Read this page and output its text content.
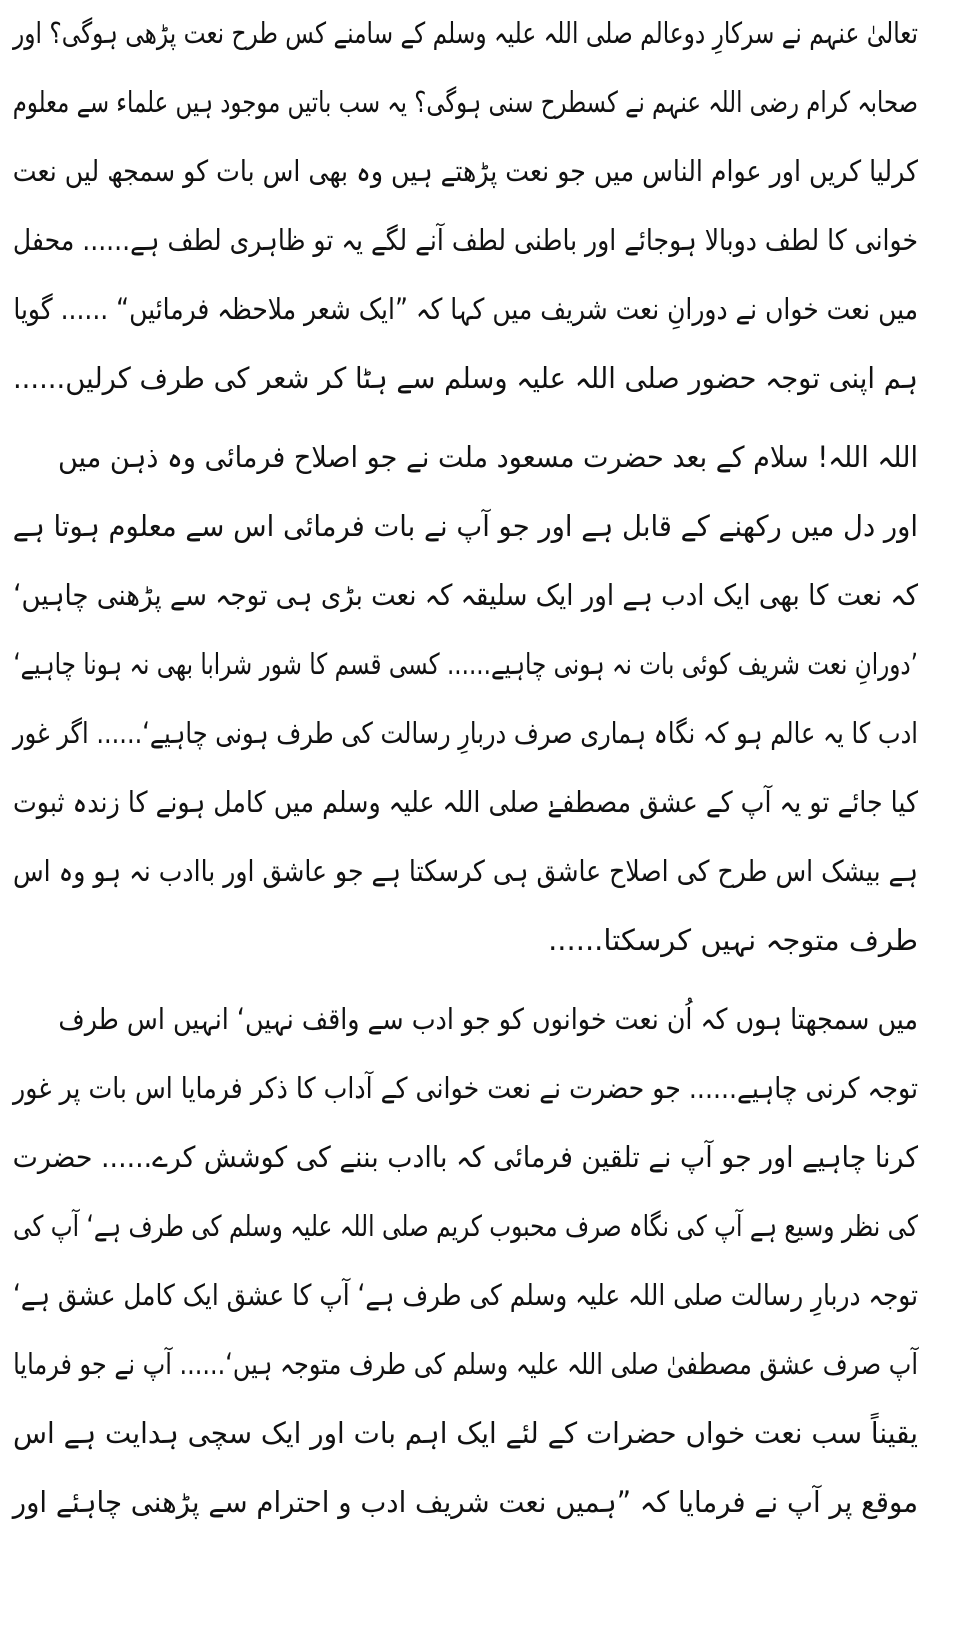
تعالیٰ عنہم نے سرکارِ دوعالم صلی اللہ علیہ وسلم کے سامنے کس طرح نعت پڑھی ہوگی؟ اور
صحابہ کرام رضی اللہ عنہم نے کسطرح سنی ہوگی؟ یہ سب باتیں موجود ہیں علماء سے معلوم
کرلیا کریں اور عوام الناس میں جو نعت پڑھتے ہیں وہ بھی اس بات کو سمجھ لیں نعت
خوانی کا لطف دوبالا ہوجائے اور باطنی لطف آنے لگے یہ تو ظاہری لطف ہے...... محفل
میں نعت خواں نے دورانِ نعت شریف میں کہا کہ ”ایک شعر ملاحظہ فرمائیں“ ...... گویا
ہم اپنی توجہ حضور صلی اللہ علیہ وسلم سے ہٹا کر شعر کی طرف کرلیں......
اللہ اللہ! سلام کے بعد حضرت مسعود ملت نے جو اصلاح فرمائی وہ ذہن میں
اور دل میں رکھنے کے قابل ہے اور جو آپ نے بات فرمائی اس سے معلوم ہوتا ہے
کہ نعت کا بھی ایک ادب ہے اور ایک سلیقہ کہ نعت بڑی ہی توجہ سے پڑھنی چاہیں‘
’دورانِ نعت شریف کوئی بات نہ ہونی چاہیے...... کسی قسم کا شور شرابا بھی نہ ہونا چاہیے‘
ادب کا یہ عالم ہو کہ نگاہ ہماری صرف دربارِ رسالت کی طرف ہونی چاہیے‘...... اگر غور
کیا جائے تو یہ آپ کے عشق مصطفےٰ صلی اللہ علیہ وسلم میں کامل ہونے کا زندہ ثبوت
ہے بیشک اس طرح کی اصلاح عاشق ہی کرسکتا ہے جو عاشق اور باادب نہ ہو وہ اس
طرف متوجہ نہیں کرسکتا......
میں سمجھتا ہوں کہ اُن نعت خوانوں کو جو ادب سے واقف نہیں‘ انہیں اس طرف
توجہ کرنی چاہیے...... جو حضرت نے نعت خوانی کے آداب کا ذکر فرمایا اس بات پر غور
کرنا چاہیے اور جو آپ نے تلقین فرمائی کہ باادب بننے کی کوشش کرے...... حضرت
کی نظر وسیع ہے آپ کی نگاہ صرف محبوب کریم صلی اللہ علیہ وسلم کی طرف ہے‘ آپ کی
توجہ دربارِ رسالت صلی اللہ علیہ وسلم کی طرف ہے‘ آپ کا عشق ایک کامل عشق ہے‘
آپ صرف عشق مصطفیٰ صلی اللہ علیہ وسلم کی طرف متوجہ ہیں‘...... آپ نے جو فرمایا
یقیناً سب نعت خواں حضرات کے لئے ایک اہم بات اور ایک سچی ہدایت ہے اس
موقع پر آپ نے فرمایا کہ ”ہمیں نعت شریف ادب و احترام سے پڑھنی چاہئے اور
